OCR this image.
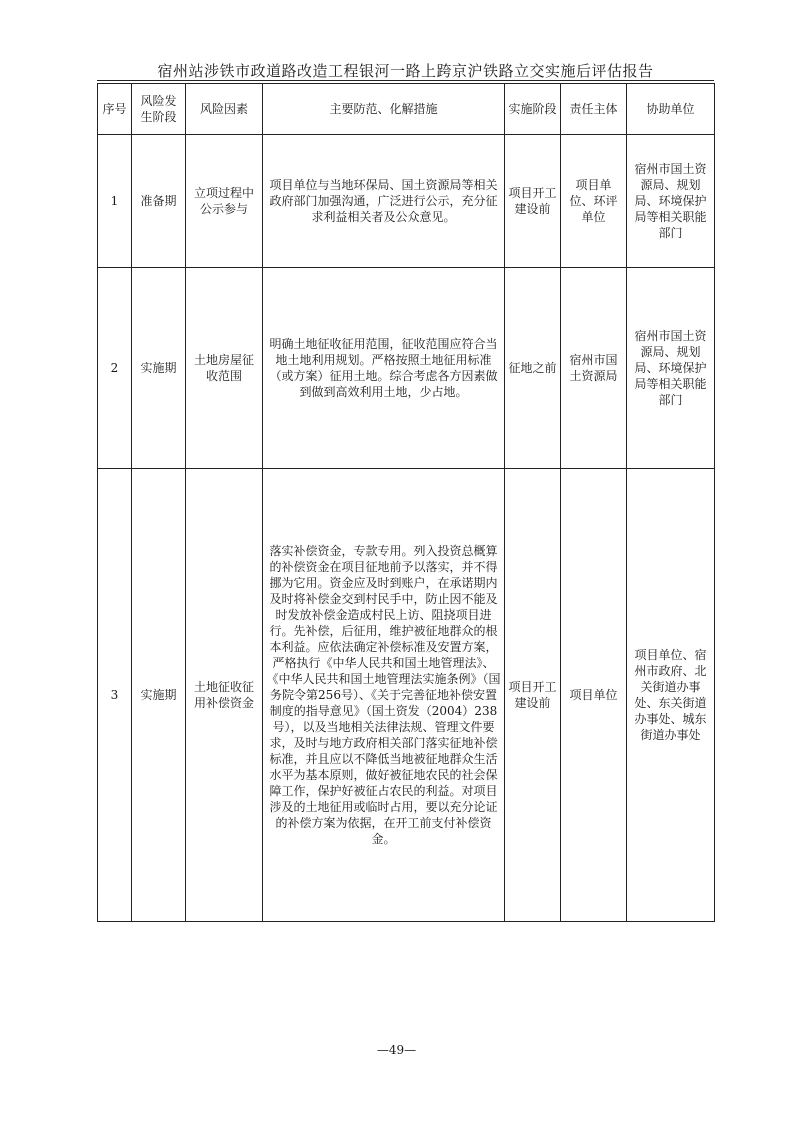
宿州站涉铁市政道路改造工程银河一路上跨京沪铁路立交实施后评估报告
序号	风险发生阶段	风险因素	主要防范、化解措施	实施阶段	责任主体	协助单位
1	准备期	立项过程中公示参与	项目单位与当地环保局、国土资源局等相关政府部门加强沟通，广泛进行公示，充分征求利益相关者及公众意见。	项目开工建设前	项目单位、环评单位	宿州市国土资源局、规划局、环境保护局等相关职能部门
2	实施期	土地房屋征收范围	明确土地征收征用范围，征收范围应符合当地土地利用规划。严格按照土地征用标准（或方案）征用土地。综合考虑各方因素做到做到高效利用土地，少占地。	征地之前	宿州市国土资源局	宿州市国土资源局、规划局、环境保护局等相关职能部门
3	实施期	土地征收征用补偿资金	落实补偿资金，专款专用。列入投资总概算的补偿资金在项目征地前予以落实，并不得挪为它用。资金应及时到账户，在承诺期内及时将补偿金交到村民手中，防止因不能及时发放补偿金造成村民上访、阻挠项目进行。先补偿，后征用，维护被征地群众的根本利益。应依法确定补偿标准及安置方案，严格执行《中华人民共和国土地管理法》、《中华人民共和国土地管理法实施条例》（国务院令第256号）、《关于完善征地补偿安置制度的指导意见》（国土资发（2004）238号），以及当地相关法律法规、管理文件要求，及时与地方政府相关部门落实征地补偿标准，并且应以不降低当地被征地群众生活水平为基本原则，做好被征地农民的社会保障工作，保护好被征占农民的利益。对项目涉及的土地征用或临时占用，要以充分论证的补偿方案为依据，在开工前支付补偿资金。	项目开工建设前	项目单位	项目单位、宿州市政府、北关街道办事处、东关街道办事处、城东街道办事处
—49—
